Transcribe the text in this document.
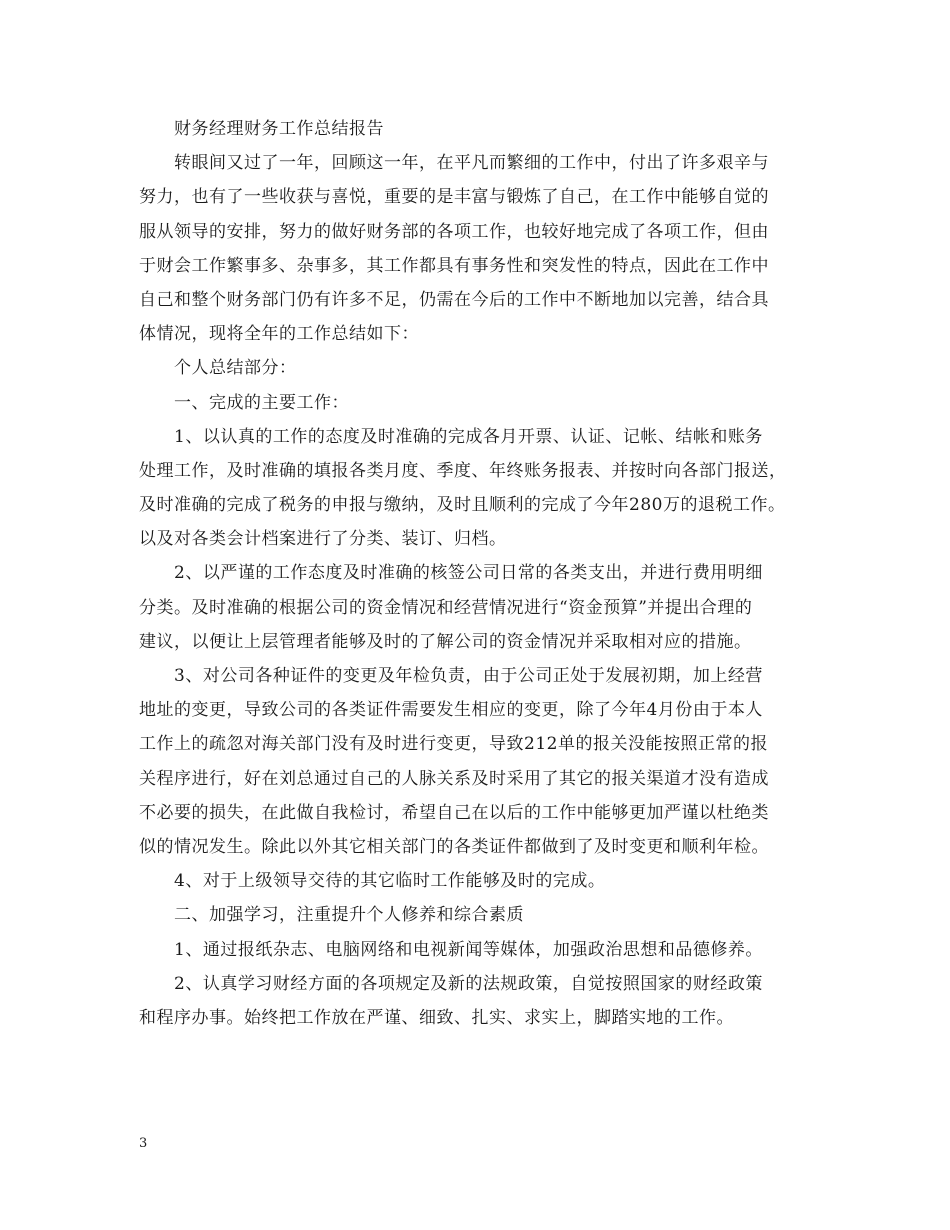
财务经理财务工作总结报告
转眼间又过了一年，回顾这一年，在平凡而繁细的工作中，付出了许多艰辛与
努力，也有了一些收获与喜悦，重要的是丰富与锻炼了自己，在工作中能够自觉的
服从领导的安排，努力的做好财务部的各项工作，也较好地完成了各项工作，但由
于财会工作繁事多、杂事多，其工作都具有事务性和突发性的特点，因此在工作中
自己和整个财务部门仍有许多不足，仍需在今后的工作中不断地加以完善，结合具
体情况，现将全年的工作总结如下：
个人总结部分：
一、完成的主要工作：
1、以认真的工作的态度及时准确的完成各月开票、认证、记帐、结帐和账务
处理工作，及时准确的填报各类月度、季度、年终账务报表、并按时向各部门报送，
及时准确的完成了税务的申报与缴纳，及时且顺利的完成了今年280万的退税工作。
以及对各类会计档案进行了分类、装订、归档。
2、以严谨的工作态度及时准确的核签公司日常的各类支出，并进行费用明细
分类。及时准确的根据公司的资金情况和经营情况进行“资金预算”并提出合理的
建议，以便让上层管理者能够及时的了解公司的资金情况并采取相对应的措施。
3、对公司各种证件的变更及年检负责，由于公司正处于发展初期，加上经营
地址的变更，导致公司的各类证件需要发生相应的变更，除了今年4月份由于本人
工作上的疏忽对海关部门没有及时进行变更，导致212单的报关没能按照正常的报
关程序进行，好在刘总通过自己的人脉关系及时采用了其它的报关渠道才没有造成
不必要的损失，在此做自我检讨，希望自己在以后的工作中能够更加严谨以杜绝类
似的情况发生。除此以外其它相关部门的各类证件都做到了及时变更和顺利年检。
4、对于上级领导交待的其它临时工作能够及时的完成。
二、加强学习，注重提升个人修养和综合素质
1、通过报纸杂志、电脑网络和电视新闻等媒体，加强政治思想和品德修养。
2、认真学习财经方面的各项规定及新的法规政策，自觉按照国家的财经政策
和程序办事。始终把工作放在严谨、细致、扎实、求实上，脚踏实地的工作。
3
